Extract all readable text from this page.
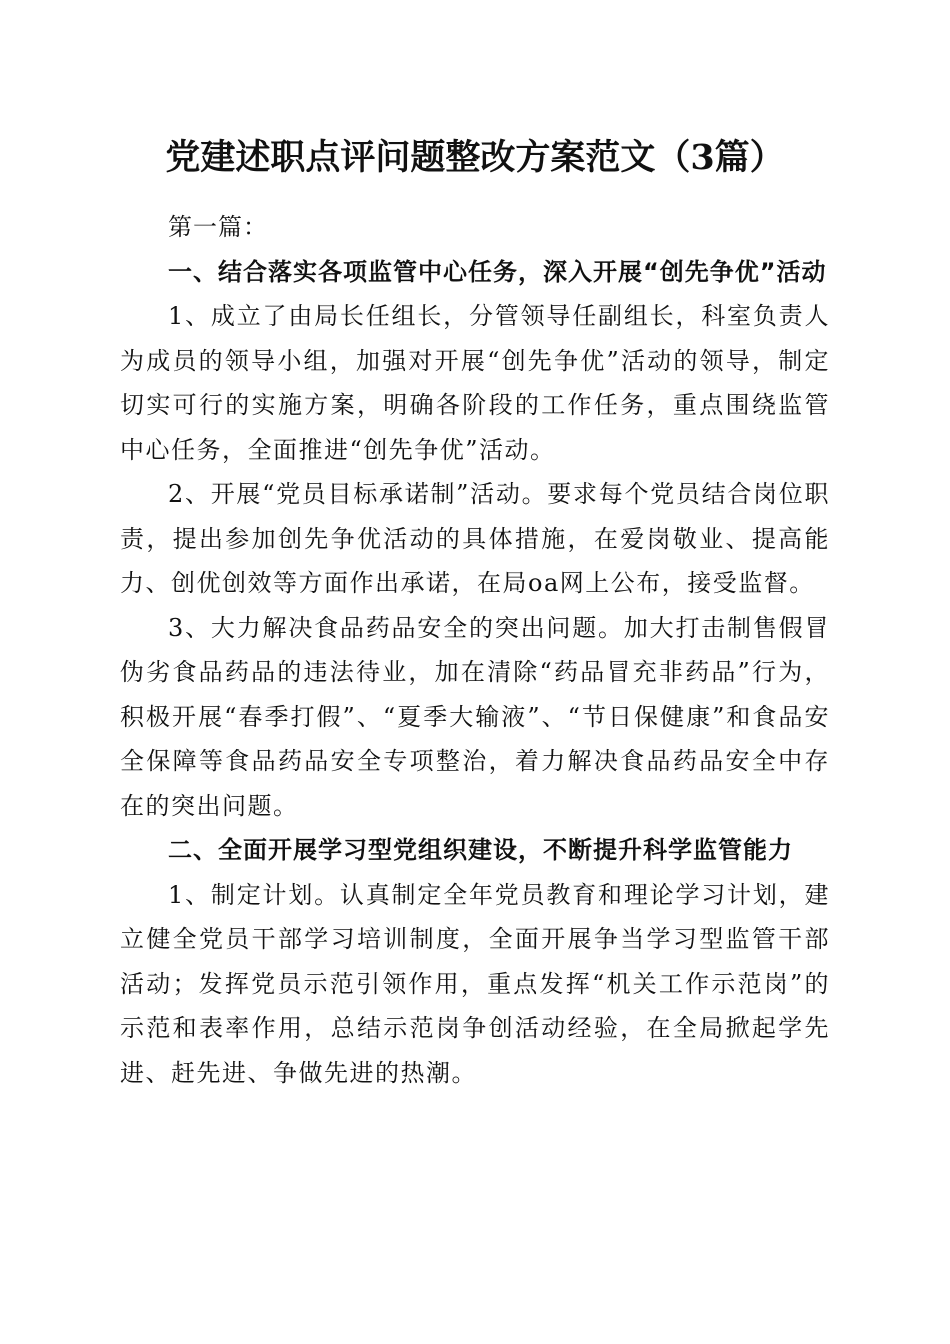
党建述职点评问题整改方案范文（3篇）

第一篇：

一、结合落实各项监管中心任务，深入开展“创先争优”活动

1、成立了由局长任组长，分管领导任副组长，科室负责人为成员的领导小组，加强对开展“创先争优”活动的领导，制定切实可行的实施方案，明确各阶段的工作任务，重点围绕监管中心任务，全面推进“创先争优”活动。

2、开展“党员目标承诺制”活动。要求每个党员结合岗位职责，提出参加创先争优活动的具体措施，在爱岗敬业、提高能力、创优创效等方面作出承诺，在局oa网上公布，接受监督。

3、大力解决食品药品安全的突出问题。加大打击制售假冒伪劣食品药品的违法待业，加在清除“药品冒充非药品”行为，积极开展“春季打假”、“夏季大输液”、“节日保健康”和食品安全保障等食品药品安全专项整治，着力解决食品药品安全中存在的突出问题。

二、全面开展学习型党组织建设，不断提升科学监管能力

1、制定计划。认真制定全年党员教育和理论学习计划，建立健全党员干部学习培训制度，全面开展争当学习型监管干部活动；发挥党员示范引领作用，重点发挥“机关工作示范岗”的示范和表率作用，总结示范岗争创活动经验，在全局掀起学先进、赶先进、争做先进的热潮。
